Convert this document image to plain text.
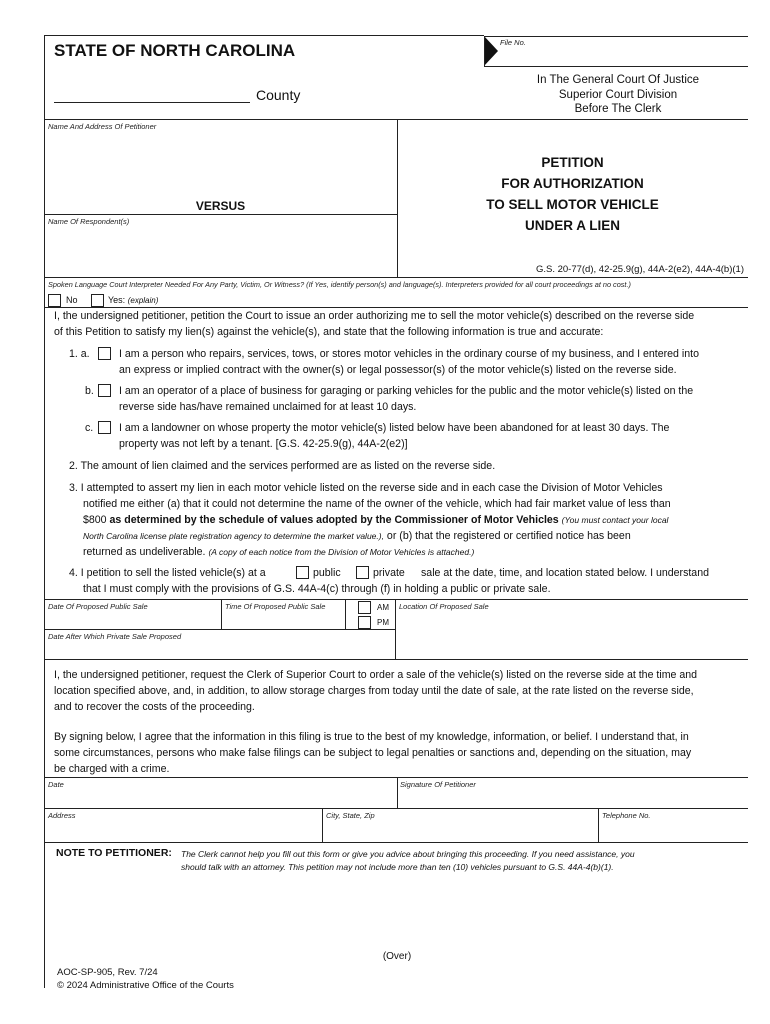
STATE OF NORTH CAROLINA
County
File No.
In The General Court Of Justice
Superior Court Division
Before The Clerk
Name And Address Of Petitioner
VERSUS
Name Of Respondent(s)
PETITION
FOR AUTHORIZATION
TO SELL MOTOR VEHICLE
UNDER A LIEN
G.S. 20-77(d), 42-25.9(g), 44A-2(e2), 44A-4(b)(1)
Spoken Language Court Interpreter Needed For Any Party, Victim, Or Witness? (If Yes, identify person(s) and language(s). Interpreters provided for all court proceedings at no cost.)
No	Yes: (explain)
I, the undersigned petitioner, petition the Court to issue an order authorizing me to sell the motor vehicle(s) described on the reverse side
of this Petition to satisfy my lien(s) against the vehicle(s), and state that the following information is true and accurate:
1. a.	I am a person who repairs, services, tows, or stores motor vehicles in the ordinary course of my business, and I entered into
an express or implied contract with the owner(s) or legal possessor(s) of the motor vehicle(s) listed on the reverse side.
b. I am an operator of a place of business for garaging or parking vehicles for the public and the motor vehicle(s) listed on the
reverse side has/have remained unclaimed for at least 10 days.
c. I am a landowner on whose property the motor vehicle(s) listed below have been abandoned for at least 30 days. The
property was not left by a tenant. [G.S. 42-25.9(g), 44A-2(e2)]
2. The amount of lien claimed and the services performed are as listed on the reverse side.
3. I attempted to assert my lien in each motor vehicle listed on the reverse side and in each case the Division of Motor Vehicles
notified me either (a) that it could not determine the name of the owner of the vehicle, which had fair market value of less than
$800 as determined by the schedule of values adopted by the Commissioner of Motor Vehicles (You must contact your local
North Carolina license plate registration agency to determine the market value.), or (b) that the registered or certified notice has been
returned as undeliverable. (A copy of each notice from the Division of Motor Vehicles is attached.)
4. I petition to sell the listed vehicle(s) at a	public	private sale at the date, time, and location stated below. I understand
that I must comply with the provisions of G.S. 44A-4(c) through (f) in holding a public or private sale.
Date Of Proposed Public Sale	Time Of Proposed Public Sale	AM
PM
Location Of Proposed Sale
Date After Which Private Sale Proposed
I, the undersigned petitioner, request the Clerk of Superior Court to order a sale of the vehicle(s) listed on the reverse side at the time and
location specified above, and, in addition, to allow storage charges from today until the date of sale, at the rate listed on the reverse side,
and to recover the costs of the proceeding.
By signing below, I agree that the information in this filing is true to the best of my knowledge, information, or belief. I understand that, in
some circumstances, persons who make false filings can be subject to legal penalties or sanctions and, depending on the situation, may
be charged with a crime.
Date	Signature Of Petitioner
Address	City, State, Zip	Telephone No.
NOTE TO PETITIONER: The Clerk cannot help you fill out this form or give you advice about bringing this proceeding. If you need assistance, you
should talk with an attorney. This petition may not include more than ten (10) vehicles pursuant to G.S. 44A-4(b)(1).
(Over)
AOC-SP-905, Rev. 7/24
© 2024 Administrative Office of the Courts
